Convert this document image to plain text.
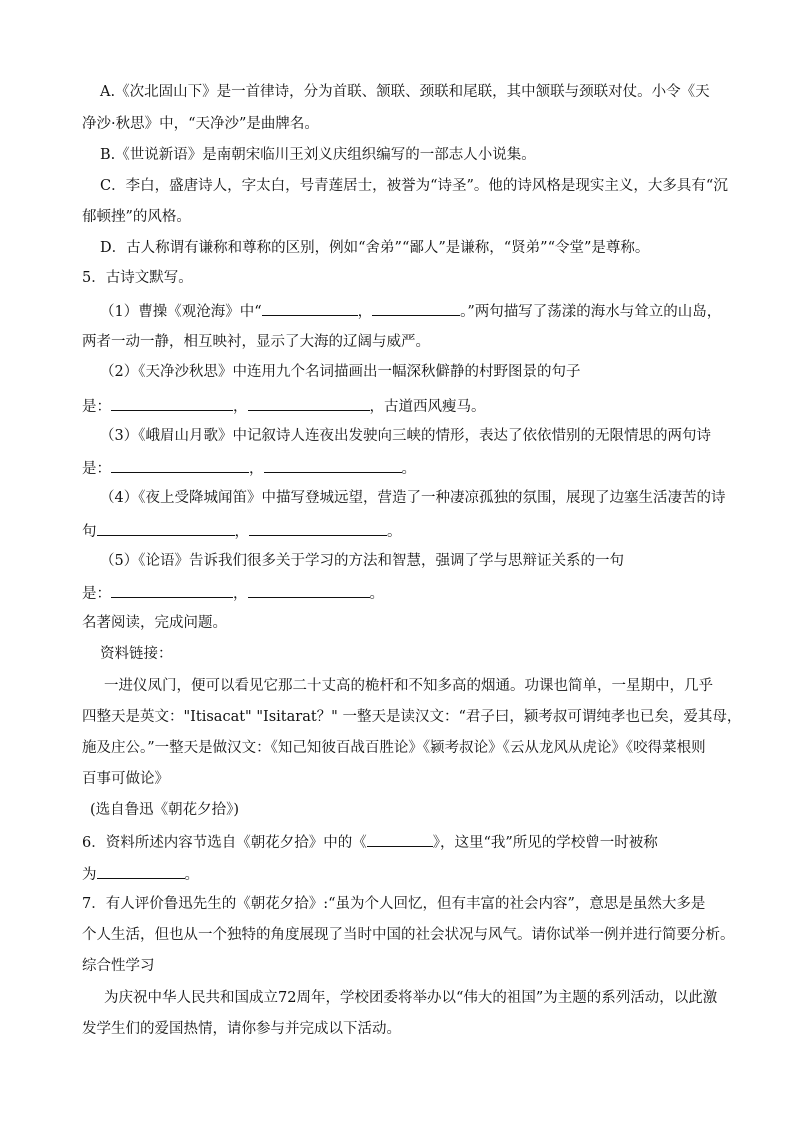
A.《次北固山下》是一首律诗，分为首联、颔联、颈联和尾联，其中颔联与颈联对仗。小令《天
净沙·秋思》中，“天净沙”是曲牌名。
B.《世说新语》是南朝宋临川王刘义庆组织编写的一部志人小说集。
C．李白，盛唐诗人，字太白，号青莲居士，被誉为“诗圣”。他的诗风格是现实主义，大多具有“沉
郁顿挫”的风格。
D．古人称谓有谦称和尊称的区别，例如“舍弟”“鄙人”是谦称，“贤弟”“令堂”是尊称。
5．古诗文默写。
（1）曹操《观沧海》中“	，	。”两句描写了荡漾的海水与耸立的山岛，
两者一动一静，相互映衬，显示了大海的辽阔与威严。
（2）《天净沙秋思》中连用九个名词描画出一幅深秋僻静的村野图景的句子
是：	，	，古道西风瘦马。
（3）《峨眉山月歌》中记叙诗人连夜出发驶向三峡的情形，表达了依依惜别的无限情思的两句诗
是：	，	。
（4）《夜上受降城闻笛》中描写登城远望，营造了一种凄凉孤独的氛围，展现了边塞生活凄苦的诗
句	，	。
（5）《论语》告诉我们很多关于学习的方法和智慧，强调了学与思辩证关系的一句
是：	，	。
名著阅读，完成问题。
资料链接：
一进仪凤门，便可以看见它那二十丈高的桅杆和不知多高的烟通。功课也简单，一星期中，几乎
四整天是英文："Itisacat" "Isitarat？" 一整天是读汉文：“君子曰，颍考叔可谓纯孝也已矣，爱其母，
施及庄公。”一整天是做汉文：《知己知彼百战百胜论》《颍考叔论》《云从龙风从虎论》《咬得菜根则
百事可做论》
(选自鲁迅《朝花夕拾》)
6．资料所述内容节选自《朝花夕拾》中的《	》，这里“我”所见的学校曾一时被称
为	。
7．有人评价鲁迅先生的《朝花夕拾》:“虽为个人回忆，但有丰富的社会内容”，意思是虽然大多是
个人生活，但也从一个独特的角度展现了当时中国的社会状况与风气。请你试举一例并进行简要分析。
综合性学习
为庆祝中华人民共和国成立72周年，学校团委将举办以“伟大的祖国”为主题的系列活动，以此激
发学生们的爱国热情，请你参与并完成以下活动。
